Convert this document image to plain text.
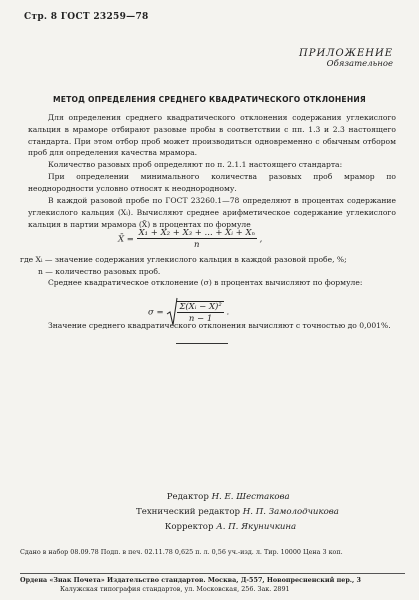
Стр. 8 ГОСТ 23259—78
ПРИЛОЖЕНИЕ
Обязательное
МЕТОД ОПРЕДЕЛЕНИЯ СРЕДНЕГО КВАДРАТИЧЕСКОГО ОТКЛОНЕНИЯ
Для определения среднего квадратического отклонения содержания углекислого кальция в мраморе отбирают разовые пробы в соответствии с пп. 1.3 и 2.3 настоящего стандарта. При этом отбор проб может производиться одновременно с обычным отбором проб для определения качества мрамора.
Количество разовых проб определяют по п. 2.1.1 настоящего стандарта:
При определении минимального количества разовых проб мрамор по неоднородности условно относят к неоднородному.
В каждой разовой пробе по ГОСТ 23260.1—78 определяют в процентах содержание углекислого кальция (Xᵢ). Вычисляют среднее арифметическое содержание углекислого кальция в партии мрамора (X̄) в процентах по формуле
X̄ = $\frac{\text{X₁ + X₂ + X₃ + ... + Xᵢ + Xₙ}}{n}$ ,
где Xᵢ — значение содержания углекислого кальция в каждой разовой пробе, %;
n — количество разовых проб.
Среднее квадратическое отклонение (σ) в процентах вычисляют по формуле:
$\sigma = \frac{\text{Σ(Xᵢ − X̄)²}}{n - 1}$ .
Значение среднего квадратического отклонения вычисляют с точностью до 0,001%.
Редактор Н. Е. Шестакова
Технический редактор Н. П. Замолодчикова
Корректор А. П. Якуничкина
Сдано в набор 08.09.78 Подп. в печ. 02.11.78 0,625 п. л. 0,56 уч.-изд. л. Тир. 10000 Цена 3 коп.
Ордена «Знак Почета» Издательство стандартов. Москва, Д-557, Новопресненский пер., 3
Калужская типография стандартов, ул. Московская, 256. Зак. 2891
